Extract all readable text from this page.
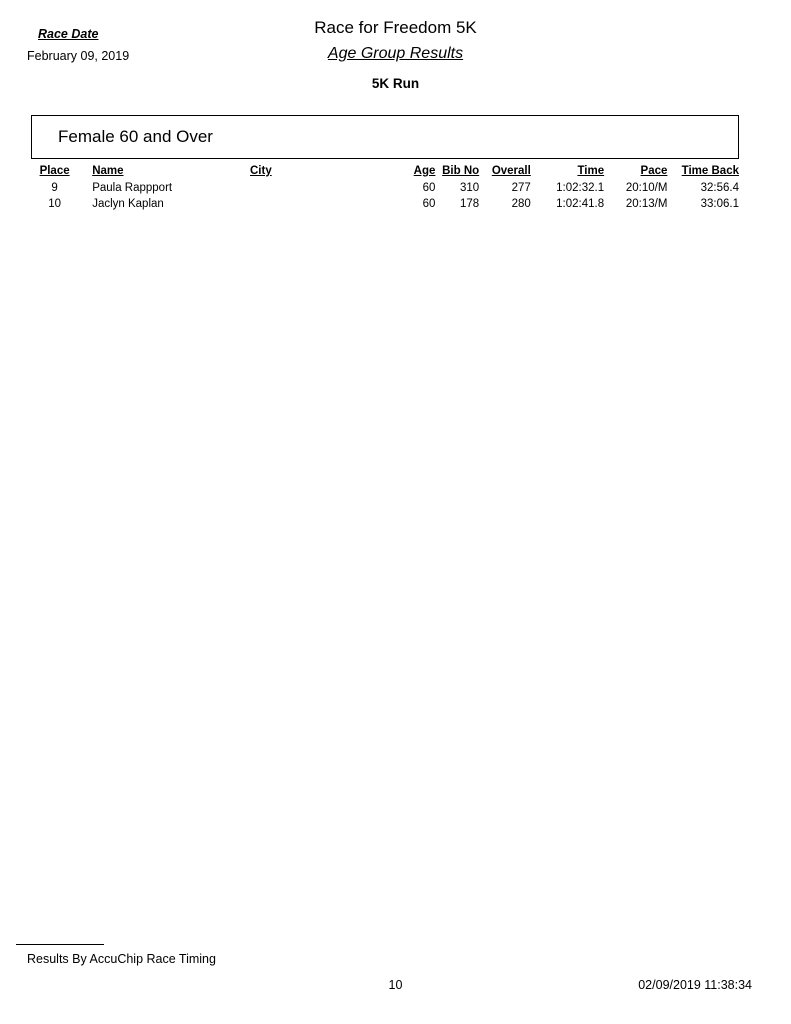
Race Date
February 09, 2019
Race for Freedom 5K
Age Group Results
5K Run
Female 60 and Over
Place	Name	City	Age	Bib No	Overall	Time	Pace	Time Back
9	Paula Rappport		60	310	277	1:02:32.1	20:10/M	32:56.4
10	Jaclyn Kaplan		60	178	280	1:02:41.8	20:13/M	33:06.1
Results By AccuChip Race Timing
10	02/09/2019 11:38:34
